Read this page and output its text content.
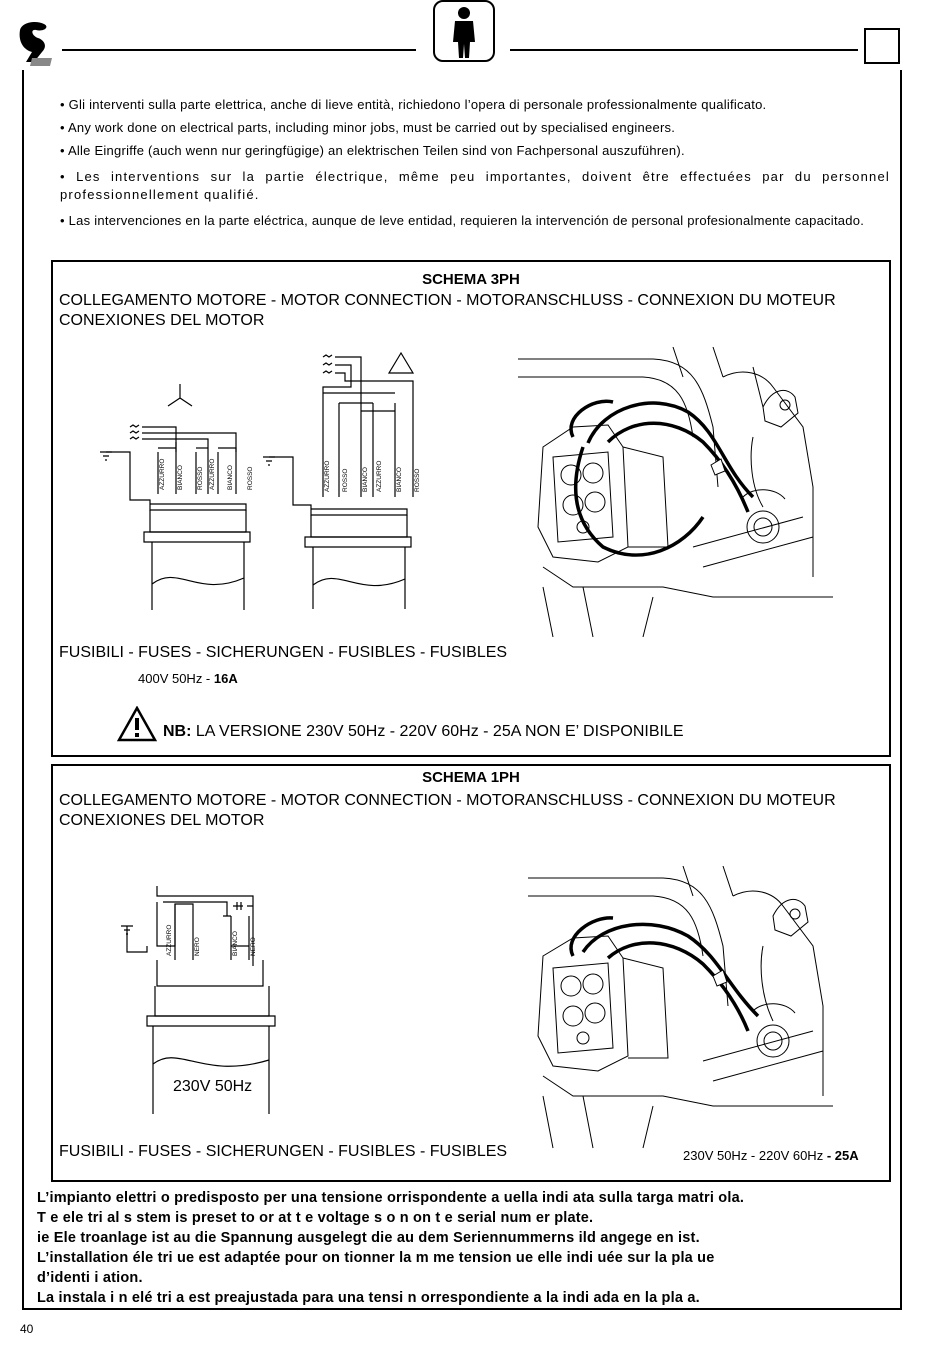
• Gli interventi sulla parte elettrica, anche di lieve entità, richiedono l’opera di personale professionalmente qualificato.

• Any work done on electrical parts, including minor jobs, must be carried out by specialised engineers.

• Alle Eingriffe (auch wenn nur geringfügige) an elektrischen Teilen sind von Fachpersonal auszuführen).

• Les interventions sur la partie électrique, même peu importantes, doivent être effectuées par du personnel professionnellement qualifié.

• Las intervenciones en la parte eléctrica, aunque de leve entidad, requieren la intervención de personal profesionalmente capacitado.

SCHEMA 3PH
COLLEGAMENTO MOTORE - MOTOR CONNECTION - MOTORANSCHLUSS - CONNEXION DU MOTEUR
CONEXIONES DEL MOTOR
AZZURRO BIANCO ROSSO AZZURRO BIANCO ROSSO	AZZURRO ROSSO BIANCO AZZURRO BIANCO ROSSO
FUSIBILI - FUSES - SICHERUNGEN - FUSIBLES - FUSIBLES
400V 50Hz - 16A
NB: LA VERSIONE 230V 50Hz - 220V 60Hz - 25A NON E’ DISPONIBILE
SCHEMA 1PH
COLLEGAMENTO MOTORE - MOTOR CONNECTION - MOTORANSCHLUSS - CONNEXION DU MOTEUR
CONEXIONES DEL MOTOR
AZZURRO	NERO	BIANCO NERO
230V 50Hz
FUSIBILI - FUSES - SICHERUNGEN - FUSIBLES - FUSIBLES	230V 50Hz - 220V 60Hz - 25A

L’impianto elettri o predisposto per una tensione orrispondente a uella indi ata sulla targa matri ola.

T e ele tri al s stem is preset to or at t e voltage s o n on t e serial num er plate.

ie Ele troanlage ist au die Spannung ausgelegt die au dem Seriennummerns ild angege en ist.

L’installation éle tri ue est adaptée pour on tionner la m me tension ue elle indi uée sur la pla ue

d’identi i ation.

La instala i n elé tri a est preajustada para una tensi n orrespondiente a la indi ada en la pla a.

40
